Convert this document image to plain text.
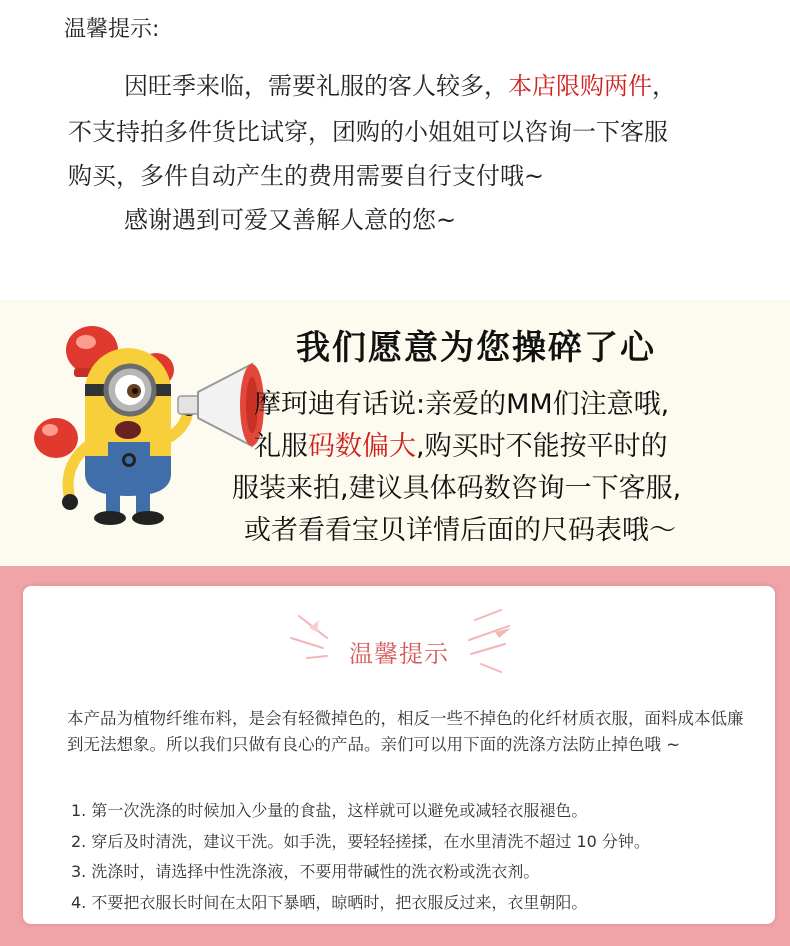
温馨提示:
因旺季来临，需要礼服的客人较多，本店限购两件，
不支持拍多件货比试穿，团购的小姐姐可以咨询一下客服
购买，多件自动产生的费用需要自行支付哦~
感谢遇到可爱又善解人意的您~
我们愿意为您操碎了心
摩珂迪有话说:亲爱的MM们注意哦,
礼服码数偏大,购买时不能按平时的
服装来拍,建议具体码数咨询一下客服,
或者看看宝贝详情后面的尺码表哦～
温馨提示
本产品为植物纤维布料，是会有轻微掉色的，相反一些不掉色的化纤材质衣服，面料成本低廉到无法想象。所以我们只做有良心的产品。亲们可以用下面的洗涤方法防止掉色哦 ~
1. 第一次洗涤的时候加入少量的食盐，这样就可以避免或减轻衣服褪色。
2. 穿后及时清洗，建议干洗。如手洗，要轻轻搓揉，在水里清洗不超过 10 分钟。
3. 洗涤时，请选择中性洗涤液，不要用带碱性的洗衣粉或洗衣剂。
4. 不要把衣服长时间在太阳下暴晒，晾晒时，把衣服反过来，衣里朝阳。
